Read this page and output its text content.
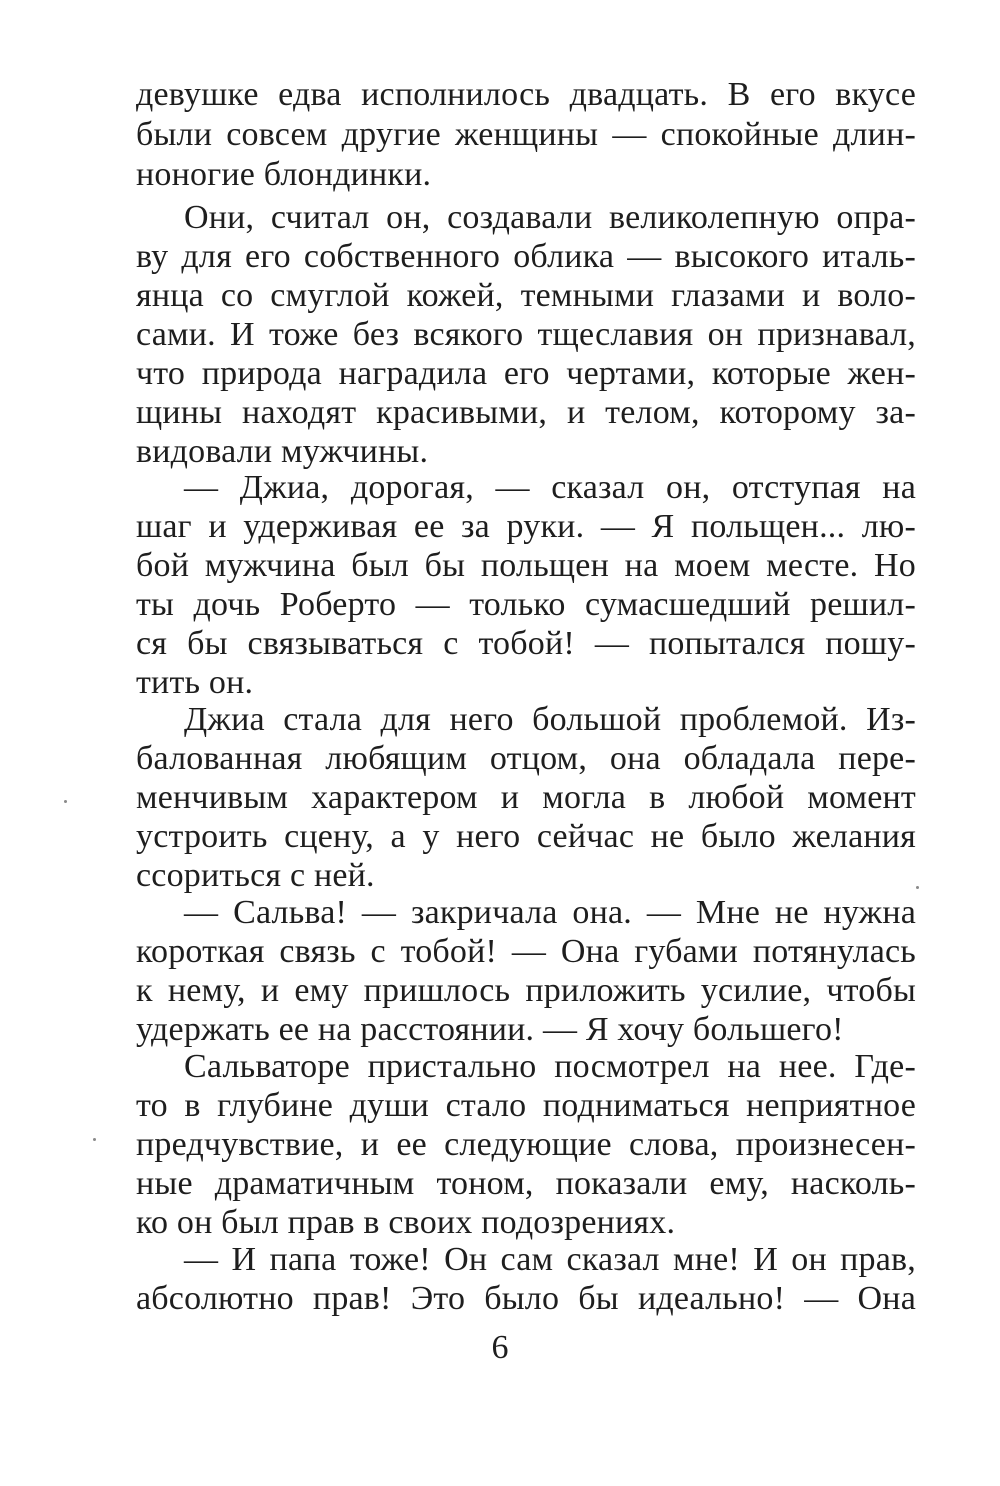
девушке едва исполнилось двадцать. В его вкусе
были совсем другие женщины — спокойные длин-
ноногие блондинки.
Они, считал он, создавали великолепную опра-
ву для его собственного облика — высокого италь-
янца со смуглой кожей, темными глазами и воло-
сами. И тоже без всякого тщеславия он признавал,
что природа наградила его чертами, которые жен-
щины находят красивыми, и телом, которому за-
видовали мужчины.
— Джиа, дорогая, — сказал он, отступая на
шаг и удерживая ее за руки. — Я польщен... лю-
бой мужчина был бы польщен на моем месте. Но
ты дочь Роберто — только сумасшедший решил-
ся бы связываться с тобой! — попытался пошу-
тить он.
Джиа стала для него большой проблемой. Из-
балованная любящим отцом, она обладала пере-
менчивым характером и могла в любой момент
устроить сцену, а у него сейчас не было желания
ссориться с ней.
— Сальва! — закричала она. — Мне не нужна
короткая связь с тобой! — Она губами потянулась
к нему, и ему пришлось приложить усилие, чтобы
удержать ее на расстоянии. — Я хочу большего!
Сальваторе пристально посмотрел на нее. Где-
то в глубине души стало подниматься неприятное
предчувствие, и ее следующие слова, произнесен-
ные драматичным тоном, показали ему, насколь-
ко он был прав в своих подозрениях.
— И папа тоже! Он сам сказал мне! И он прав,
абсолютно прав! Это было бы идеально! — Она
6
